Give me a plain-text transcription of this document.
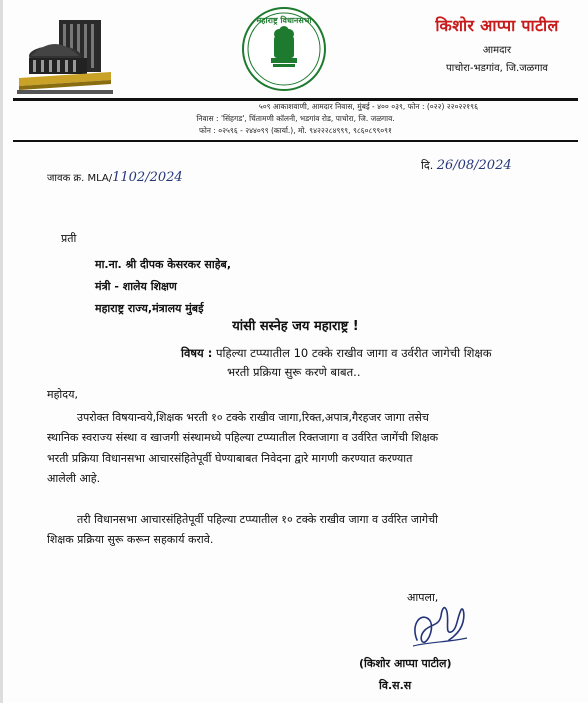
महाराष्ट्र विधानसभा	किशोर आप्पा पाटील
आमदार
पाचोरा-भडगांव, जि.जळगाव
५०९ आकाशवाणी, आमदार निवास, मुंबई - ४०० ०३९, फोन : (०२२) २२०२२१९६
निवास : 'सिंहगड', चिंतामणी कॉलनी, भडगांव रोड, पाचोरा, जि. जळगाव.
फोन : ०२५९६ - २४४०९९ (कार्या.), मो. ९४२२२८४९९९, ९८६०८९९०९१
दि. 26/08/2024
जावक क्र. MLA/1102/2024
प्रती
मा.ना. श्री दीपक केसरकर साहेब,
मंत्री - शालेय शिक्षण
महाराष्ट्र राज्य,मंत्रालय मुंबई
यांसी सस्नेह जय महाराष्ट्र !
विषय : पहिल्या टप्प्यातील 10 टक्के राखीव जागा व उर्वरीत जागेची शिक्षक
भरती प्रक्रिया सुरू करणे बाबत..
महोदय,
उपरोक्त विषयान्वये,शिक्षक भरती १० टक्के राखीव जागा,रिक्त,अपात्र,गैरहजर जागा तसेच
स्थानिक स्वराज्य संस्था व खाजगी संस्थामध्ये पहिल्या टप्प्यातील रिक्तजागा व उर्वरित जागेंची शिक्षक
भरती प्रक्रिया विधानसभा आचारसंहितेपूर्वी घेण्याबाबत निवेदना द्वारे मागणी करण्यात करण्यात
आलेली आहे.
तरी विधानसभा आचारसंहितेपूर्वी पहिल्या टप्प्यातील १० टक्के राखीव जागा व उर्वरित जागेची
शिक्षक प्रक्रिया सुरू करून सहकार्य करावे.
आपला,
(किशोर आप्पा पाटील)
वि.स.स
